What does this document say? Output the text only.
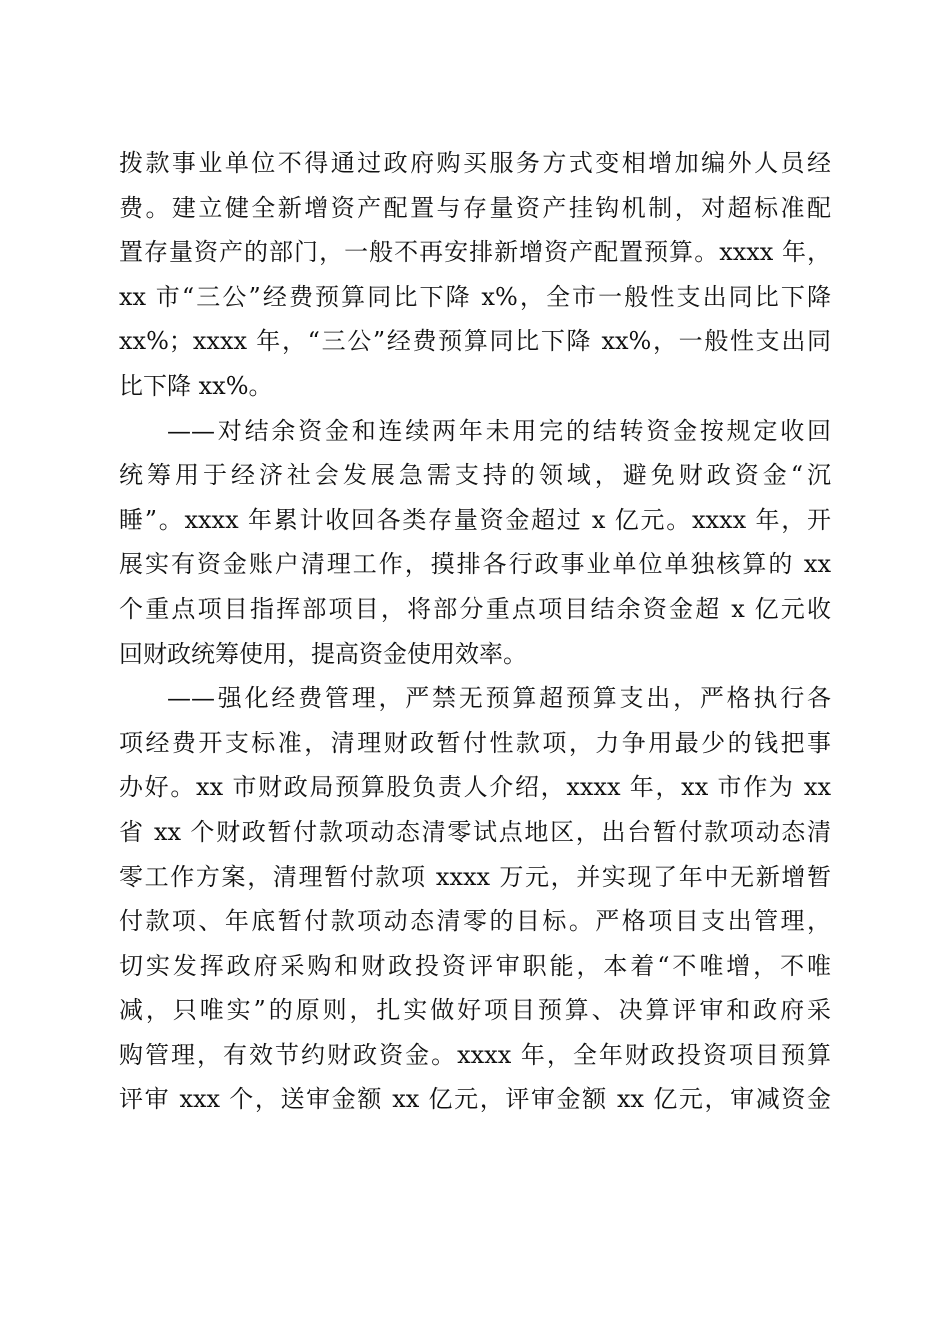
拨款事业单位不得通过政府购买服务方式变相增加编外人员经
费。建立健全新增资产配置与存量资产挂钩机制，对超标准配
置存量资产的部门，一般不再安排新增资产配置预算。xxxx 年，
xx 市“三公”经费预算同比下降 x%，全市一般性支出同比下降
xx%；xxxx 年，“三公”经费预算同比下降 xx%，一般性支出同
比下降 xx%。
——对结余资金和连续两年未用完的结转资金按规定收回
统筹用于经济社会发展急需支持的领域，避免财政资金“沉
睡”。xxxx 年累计收回各类存量资金超过 x 亿元。xxxx 年，开
展实有资金账户清理工作，摸排各行政事业单位单独核算的 xx
个重点项目指挥部项目，将部分重点项目结余资金超 x 亿元收
回财政统筹使用，提高资金使用效率。
——强化经费管理，严禁无预算超预算支出，严格执行各
项经费开支标准，清理财政暂付性款项，力争用最少的钱把事
办好。xx 市财政局预算股负责人介绍，xxxx 年，xx 市作为 xx
省 xx 个财政暂付款项动态清零试点地区，出台暂付款项动态清
零工作方案，清理暂付款项 xxxx 万元，并实现了年中无新增暂
付款项、年底暂付款项动态清零的目标。严格项目支出管理，
切实发挥政府采购和财政投资评审职能，本着“不唯增，不唯
减，只唯实”的原则，扎实做好项目预算、决算评审和政府采
购管理，有效节约财政资金。xxxx 年，全年财政投资项目预算
评审 xxx 个，送审金额 xx 亿元，评审金额 xx 亿元，审减资金
